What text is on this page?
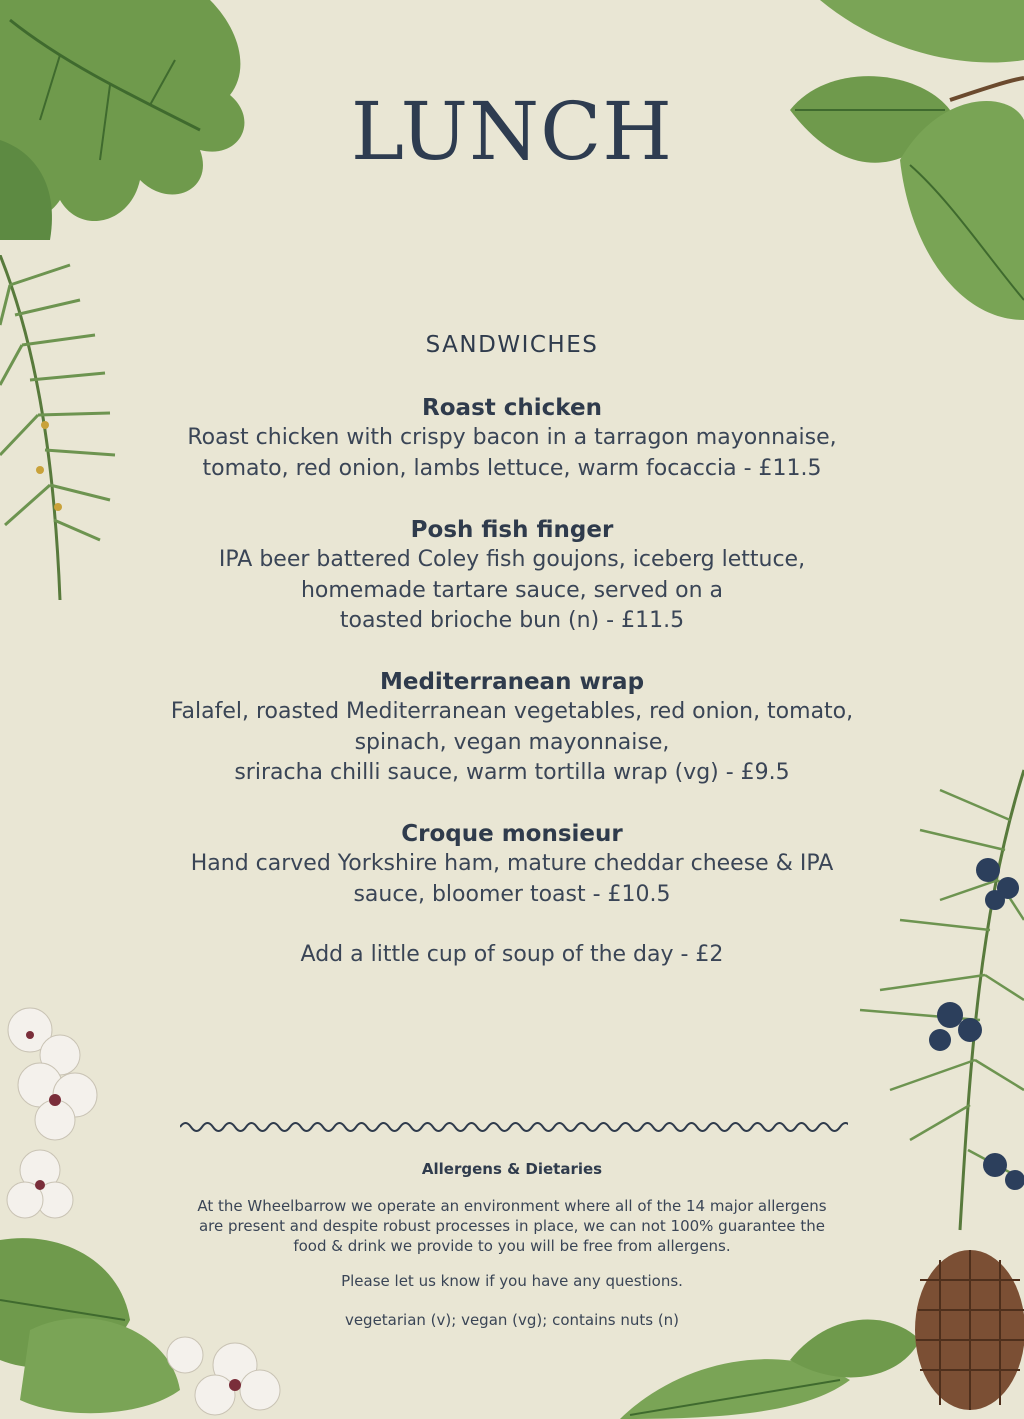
LUNCH
SANDWICHES
Roast chicken
Roast chicken with crispy bacon in a tarragon mayonnaise,
tomato, red onion, lambs lettuce, warm focaccia - £11.5
Posh fish finger
IPA beer battered Coley fish goujons, iceberg lettuce,
homemade tartare sauce, served on a
toasted brioche bun (n) - £11.5
Mediterranean wrap
Falafel, roasted Mediterranean vegetables, red onion, tomato,
spinach, vegan mayonnaise,
sriracha chilli sauce, warm tortilla wrap (vg) - £9.5
Croque monsieur
Hand carved Yorkshire ham, mature cheddar cheese & IPA
sauce, bloomer toast - £10.5
Add a little cup of soup of the day - £2
Allergens & Dietaries
At the Wheelbarrow we operate an environment where all of the 14 major allergens
are present and despite robust processes in place, we can not 100% guarantee the
food & drink we provide to you will be free from allergens.
Please let us know if you have any questions.
vegetarian (v); vegan (vg); contains nuts (n)
